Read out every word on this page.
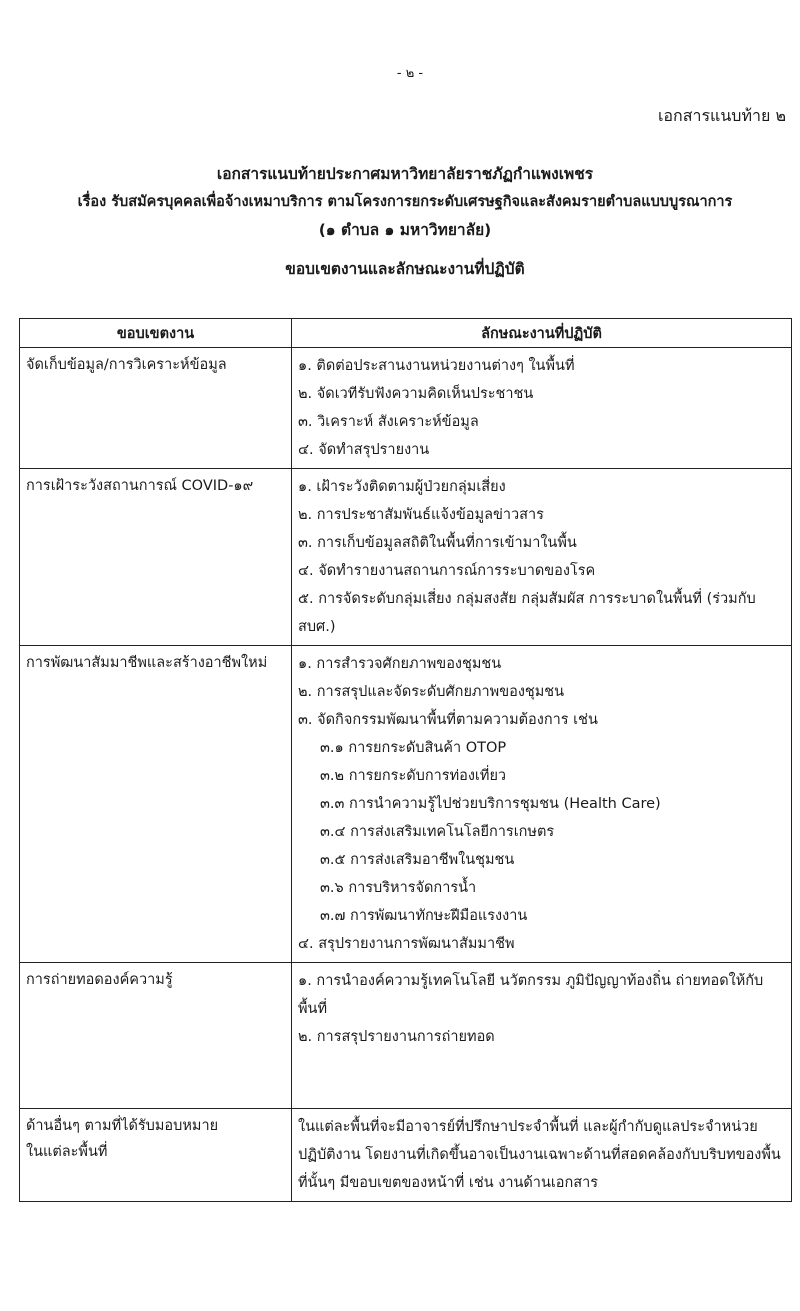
- ๒ -
เอกสารแนบท้าย ๒
เอกสารแนบท้ายประกาศมหาวิทยาลัยราชภัฏกำแพงเพชร
เรื่อง รับสมัครบุคคลเพื่อจ้างเหมาบริการ ตามโครงการยกระดับเศรษฐกิจและสังคมรายตำบลแบบบูรณาการ
(๑ ตำบล ๑ มหาวิทยาลัย)
ขอบเขตงานและลักษณะงานที่ปฏิบัติ
ขอบเขตงาน	ลักษณะงานที่ปฏิบัติ
จัดเก็บข้อมูล/การวิเคราะห์ข้อมูล	๑. ติดต่อประสานงานหน่วยงานต่างๆ ในพื้นที่
๒. จัดเวทีรับฟังความคิดเห็นประชาชน
๓. วิเคราะห์ สังเคราะห์ข้อมูล
๔. จัดทำสรุปรายงาน

การเฝ้าระวังสถานการณ์ COVID-๑๙	๑. เฝ้าระวังติดตามผู้ป่วยกลุ่มเสี่ยง
๒. การประชาสัมพันธ์แจ้งข้อมูลข่าวสาร
๓. การเก็บข้อมูลสถิติในพื้นที่การเข้ามาในพื้น
๔. จัดทำรายงานสถานการณ์การระบาดของโรค
๕. การจัดระดับกลุ่มเสี่ยง กลุ่มสงสัย กลุ่มสัมผัส การระบาดในพื้นที่ (ร่วมกับสบศ.)

การพัฒนาสัมมาชีพและสร้างอาชีพใหม่	๑. การสำรวจศักยภาพของชุมชน
๒. การสรุปและจัดระดับศักยภาพของชุมชน
๓. จัดกิจกรรมพัฒนาพื้นที่ตามความต้องการ เช่น
๓.๑ การยกระดับสินค้า OTOP
๓.๒ การยกระดับการท่องเที่ยว
๓.๓ การนำความรู้ไปช่วยบริการชุมชน (Health Care)
๓.๔ การส่งเสริมเทคโนโลยีการเกษตร
๓.๕ การส่งเสริมอาชีพในชุมชน
๓.๖ การบริหารจัดการน้ำ
๓.๗ การพัฒนาทักษะฝีมือแรงงาน
๔. สรุปรายงานการพัฒนาสัมมาชีพ

การถ่ายทอดองค์ความรู้	๑. การนำองค์ความรู้เทคโนโลยี นวัตกรรม ภูมิปัญญาท้องถิ่น ถ่ายทอดให้กับพื้นที่
๒. การสรุปรายงานการถ่ายทอด

ด้านอื่นๆ ตามที่ได้รับมอบหมาย
ในแต่ละพื้นที่	ในแต่ละพื้นที่จะมีอาจารย์ที่ปรึกษาประจำพื้นที่ และผู้กำกับดูแลประจำหน่วยปฏิบัติงาน โดยงานที่เกิดขึ้นอาจเป็นงานเฉพาะด้านที่สอดคล้องกับบริบทของพื้นที่นั้นๆ มีขอบเขตของหน้าที่ เช่น งานด้านเอกสาร
